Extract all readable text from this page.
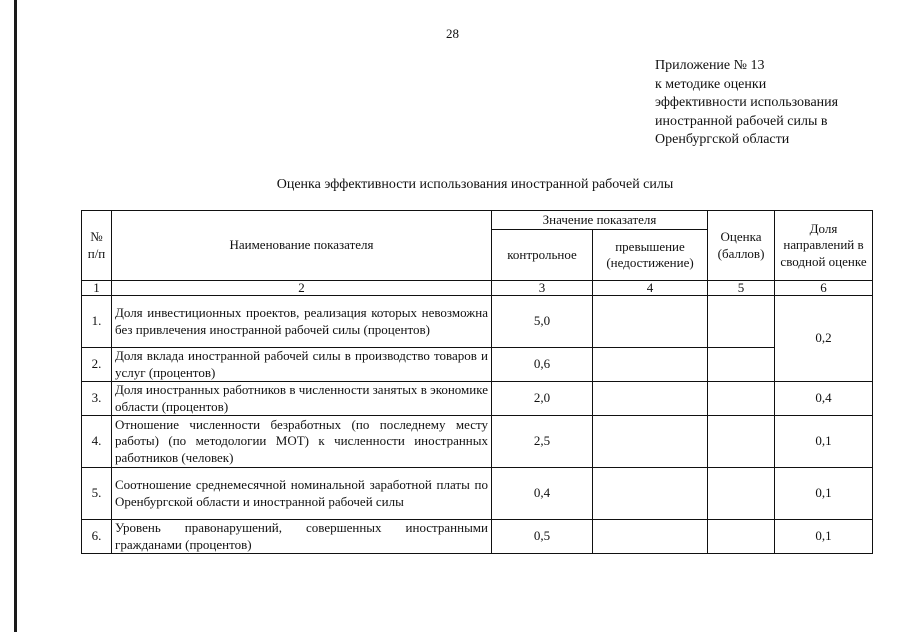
28
Приложение № 13
к методике оценки
эффективности использования
иностранной рабочей силы в
Оренбургской области
Оценка эффективности использования иностранной рабочей силы
№ п/п	Наименование показателя	Значение показателя		Оценка (баллов)	Доля направлений в сводной оценке
		контрольное	превышение (недостижение)		
1	2	3	4	5	6
1.	Доля инвестиционных проектов, реализация которых невозможна без привлечения иностранной рабочей силы (процентов)	5,0			0,2
2.	Доля вклада иностранной рабочей силы в производство товаров и услуг (процентов)	0,6			
3.	Доля иностранных работников в численности занятых в экономике области (процентов)	2,0			0,4
4.	Отношение численности безработных (по последнему месту работы) (по методологии МОТ) к численности иностранных работников (человек)	2,5			0,1
5.	Соотношение среднемесячной номинальной заработной платы по Оренбургской области и иностранной рабочей силы	0,4			0,1
6.	Уровень правонарушений, совершенных иностранными гражданами (процентов)	0,5			0,1
